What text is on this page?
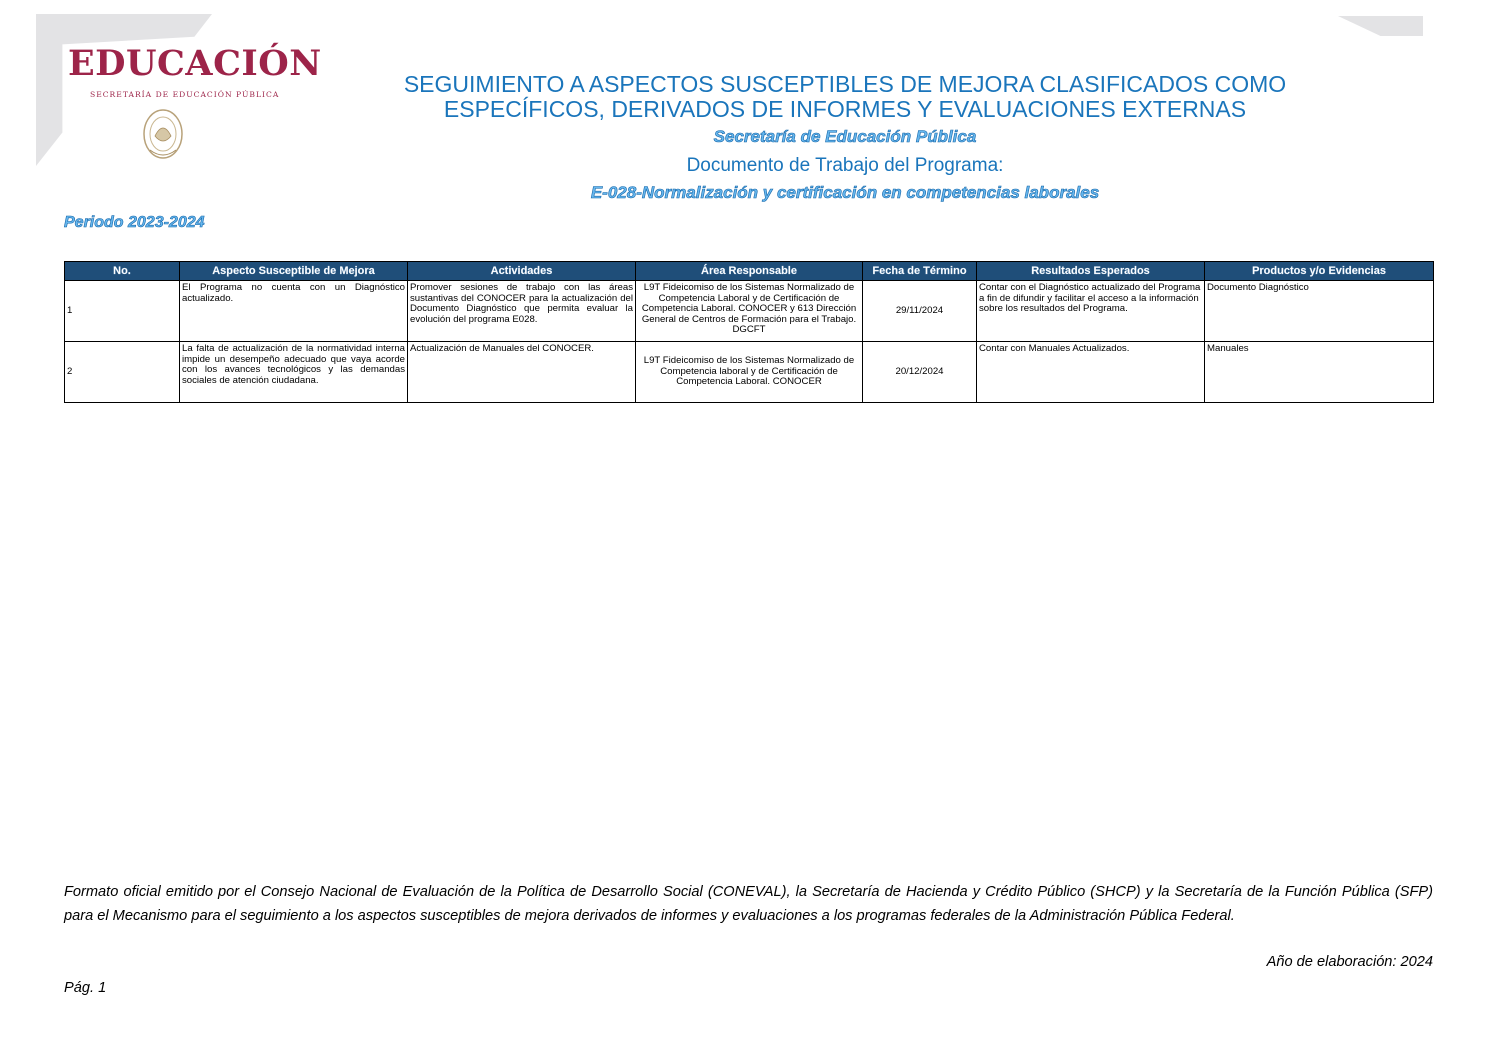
EDUCACIÓN
SECRETARÍA DE EDUCACIÓN PÚBLICA	SEGUIMIENTO A ASPECTOS SUSCEPTIBLES DE MEJORA CLASIFICADOS COMO
ESPECÍFICOS, DERIVADOS DE INFORMES Y EVALUACIONES EXTERNAS
Secretaría de Educación Pública
Documento de Trabajo del Programa:
E-028-Normalización y certificación en competencias laborales
Periodo 2023-2024
No.	Aspecto Susceptible de Mejora	Actividades	Área Responsable	Fecha de Término	Resultados Esperados	Productos y/o Evidencias
1	El Programa no cuenta con un Diagnóstico actualizado.	Promover sesiones de trabajo con las áreas sustantivas del CONOCER para la actualización del Documento Diagnóstico que permita evaluar la evolución del programa E028.	L9T Fideicomiso de los Sistemas Normalizado de Competencia Laboral y de Certificación de Competencia Laboral. CONOCER y 613 Dirección General de Centros de Formación para el Trabajo. DGCFT	29/11/2024	Contar con el Diagnóstico actualizado del Programa a fin de difundir y facilitar el acceso a la información sobre los resultados del Programa.	Documento Diagnóstico
2	La falta de actualización de la normatividad interna impide un desempeño adecuado que vaya acorde con los avances tecnológicos y las demandas sociales de atención ciudadana.	Actualización de Manuales del CONOCER.	L9T Fideicomiso de los Sistemas Normalizado de Competencia laboral y de Certificación de Competencia Laboral. CONOCER	20/12/2024	Contar con Manuales Actualizados.	Manuales
Formato oficial emitido por el Consejo Nacional de Evaluación de la Política de Desarrollo Social (CONEVAL), la Secretaría de Hacienda y Crédito Público (SHCP) y la Secretaría de la Función Pública (SFP) para el Mecanismo para el seguimiento a los aspectos susceptibles de mejora derivados de informes y evaluaciones a los programas federales de la Administración Pública Federal.
Año de elaboración: 2024
Pág. 1
